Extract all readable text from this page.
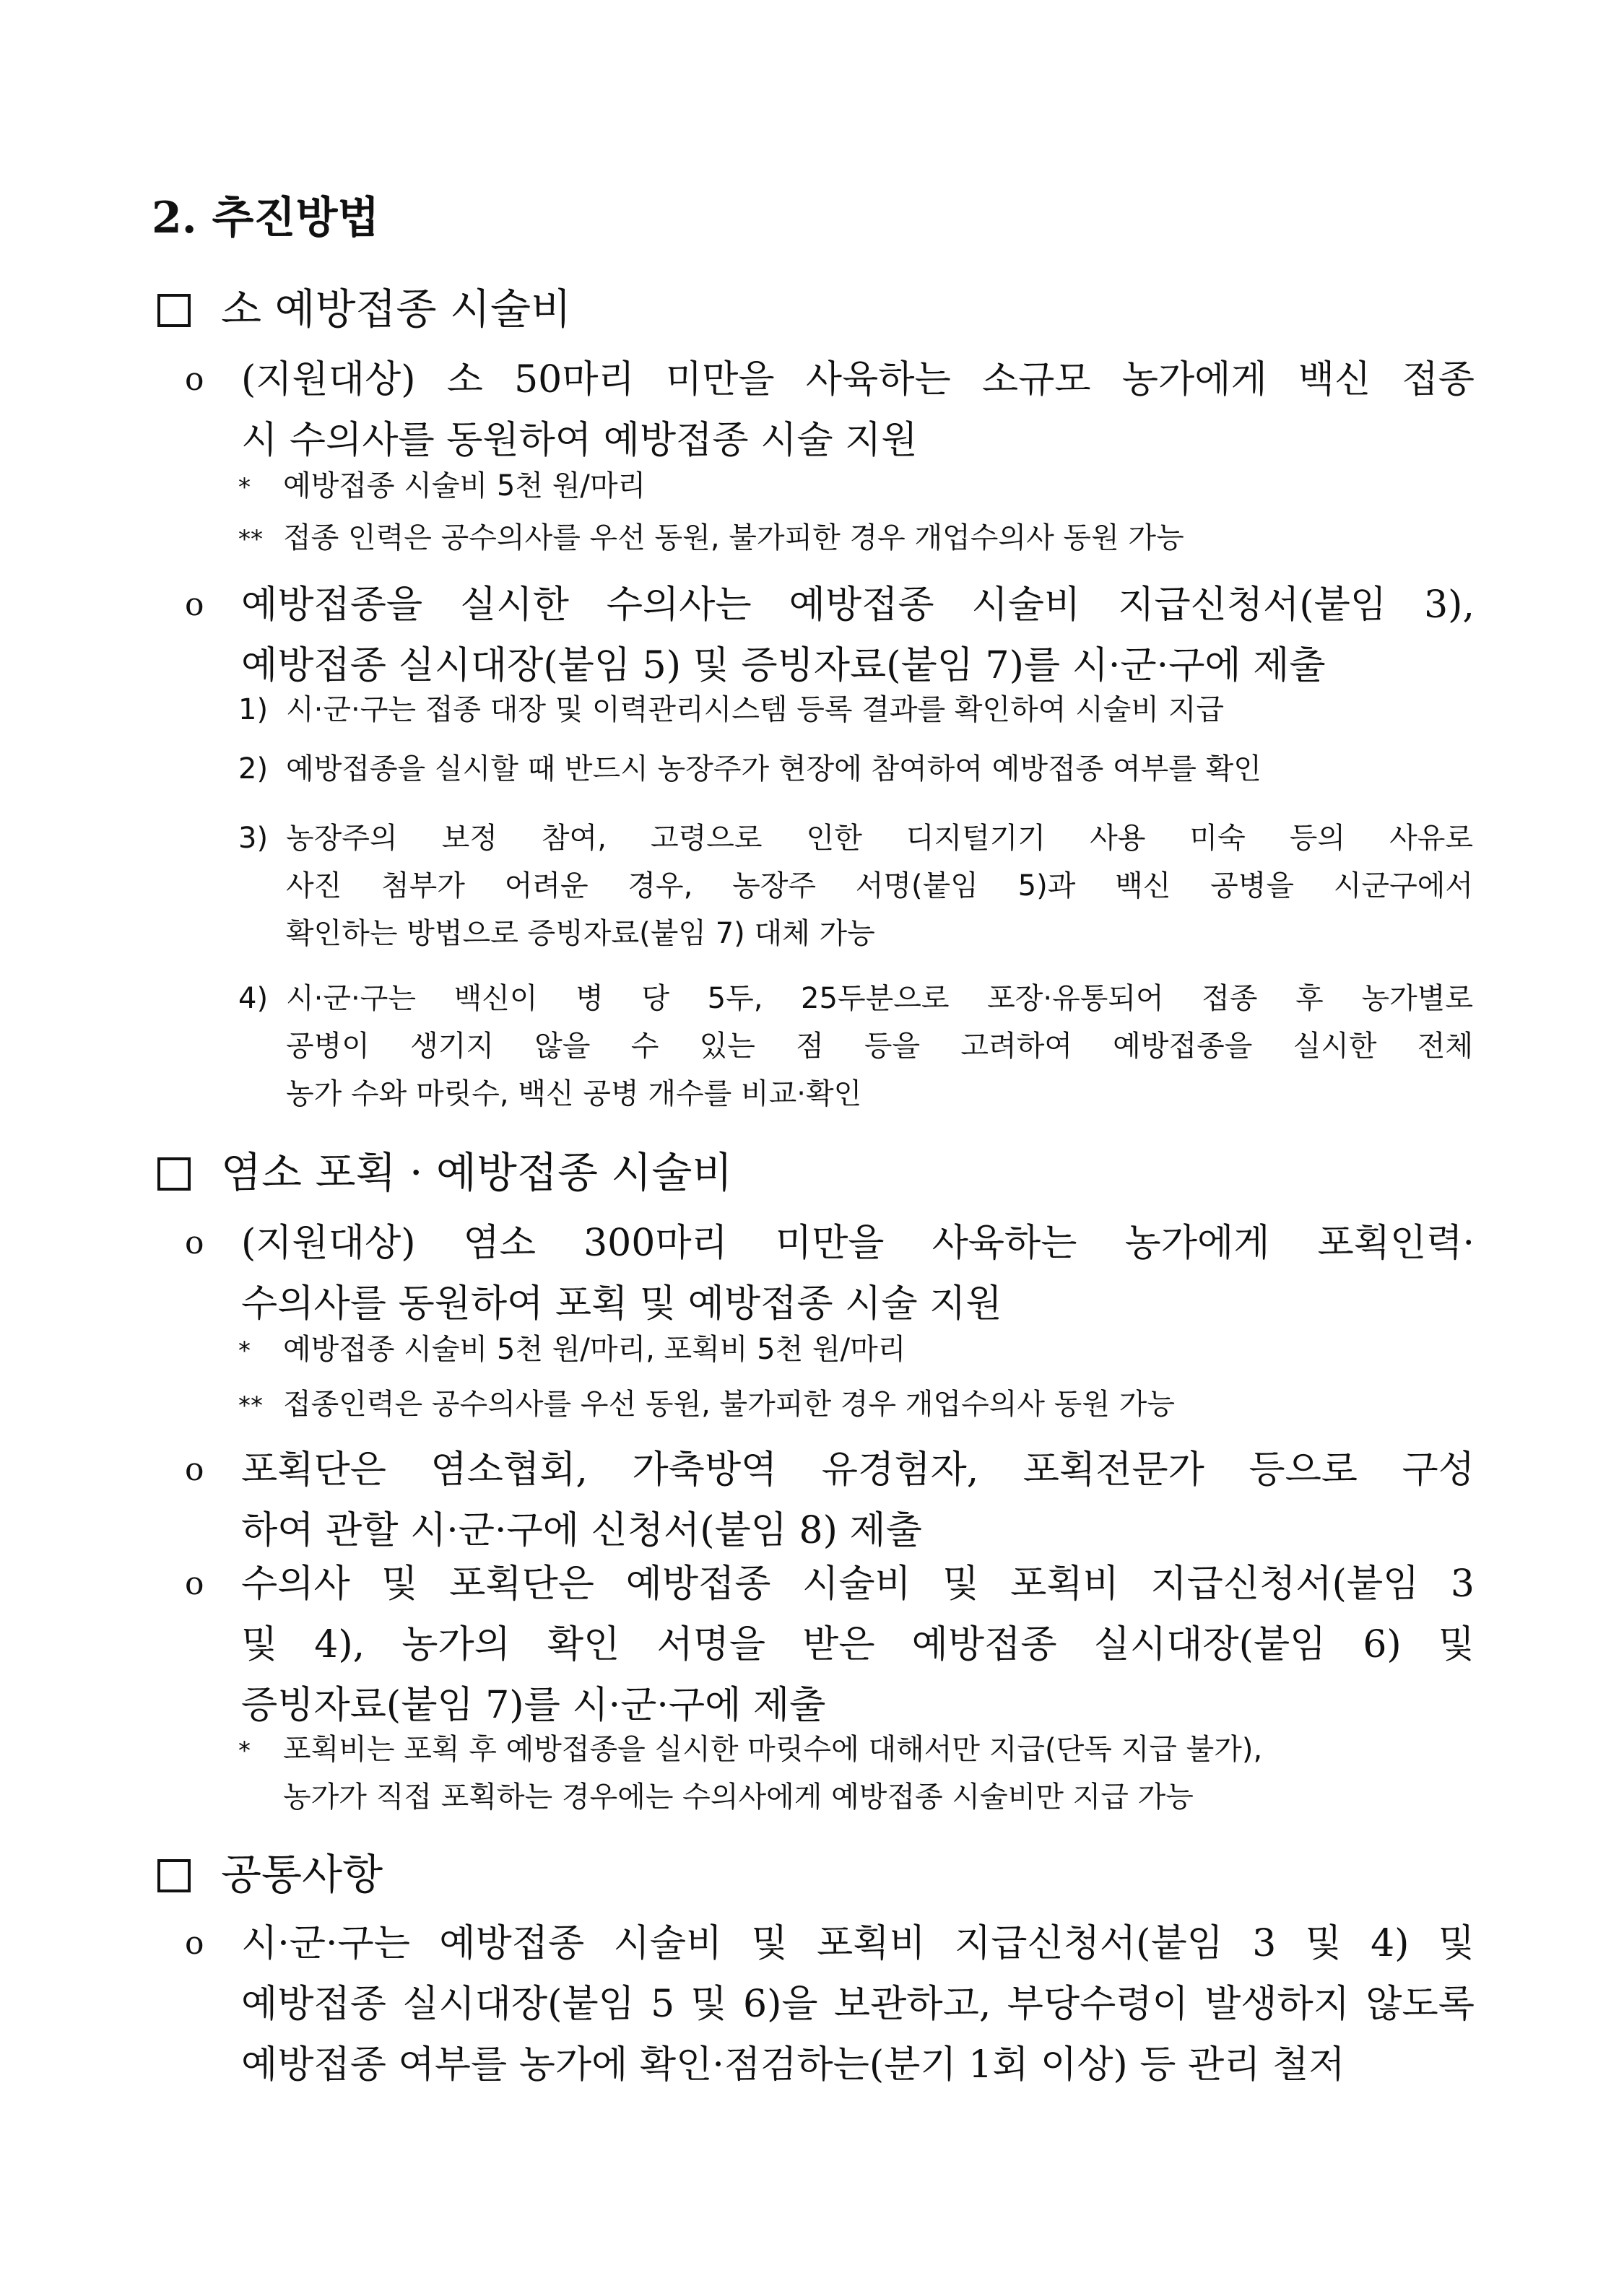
2. 추진방법
소 예방접종 시술비
o (지원대상) 소 50마리 미만을 사육하는 소규모 농가에게 백신 접종
시 수의사를 동원하여 예방접종 시술 지원
* 예방접종 시술비 5천 원/마리
** 접종 인력은 공수의사를 우선 동원, 불가피한 경우 개업수의사 동원 가능
o 예방접종을 실시한 수의사는 예방접종 시술비 지급신청서(붙임 3),
예방접종 실시대장(붙임 5) 및 증빙자료(붙임 7)를 시·군·구에 제출
1) 시·군·구는 접종 대장 및 이력관리시스템 등록 결과를 확인하여 시술비 지급
2) 예방접종을 실시할 때 반드시 농장주가 현장에 참여하여 예방접종 여부를 확인
3) 농장주의 보정 참여, 고령으로 인한 디지털기기 사용 미숙 등의 사유로
사진 첨부가 어려운 경우, 농장주 서명(붙임 5)과 백신 공병을 시군구에서
확인하는 방법으로 증빙자료(붙임 7) 대체 가능
4) 시·군·구는 백신이 병 당 5두, 25두분으로 포장·유통되어 접종 후 농가별로
공병이 생기지 않을 수 있는 점 등을 고려하여 예방접종을 실시한 전체
농가 수와 마릿수, 백신 공병 개수를 비교·확인
염소 포획 · 예방접종 시술비
o (지원대상) 염소 300마리 미만을 사육하는 농가에게 포획인력·
수의사를 동원하여 포획 및 예방접종 시술 지원
* 예방접종 시술비 5천 원/마리, 포획비 5천 원/마리
** 접종인력은 공수의사를 우선 동원, 불가피한 경우 개업수의사 동원 가능
o 포획단은 염소협회, 가축방역 유경험자, 포획전문가 등으로 구성
하여 관할 시·군·구에 신청서(붙임 8) 제출
o 수의사 및 포획단은 예방접종 시술비 및 포획비 지급신청서(붙임 3
및 4), 농가의 확인 서명을 받은 예방접종 실시대장(붙임 6) 및
증빙자료(붙임 7)를 시·군·구에 제출
* 포획비는 포획 후 예방접종을 실시한 마릿수에 대해서만 지급(단독 지급 불가),
농가가 직접 포획하는 경우에는 수의사에게 예방접종 시술비만 지급 가능
공통사항
o 시·군·구는 예방접종 시술비 및 포획비 지급신청서(붙임 3 및 4) 및
예방접종 실시대장(붙임 5 및 6)을 보관하고, 부당수령이 발생하지 않도록
예방접종 여부를 농가에 확인·점검하는(분기 1회 이상) 등 관리 철저
